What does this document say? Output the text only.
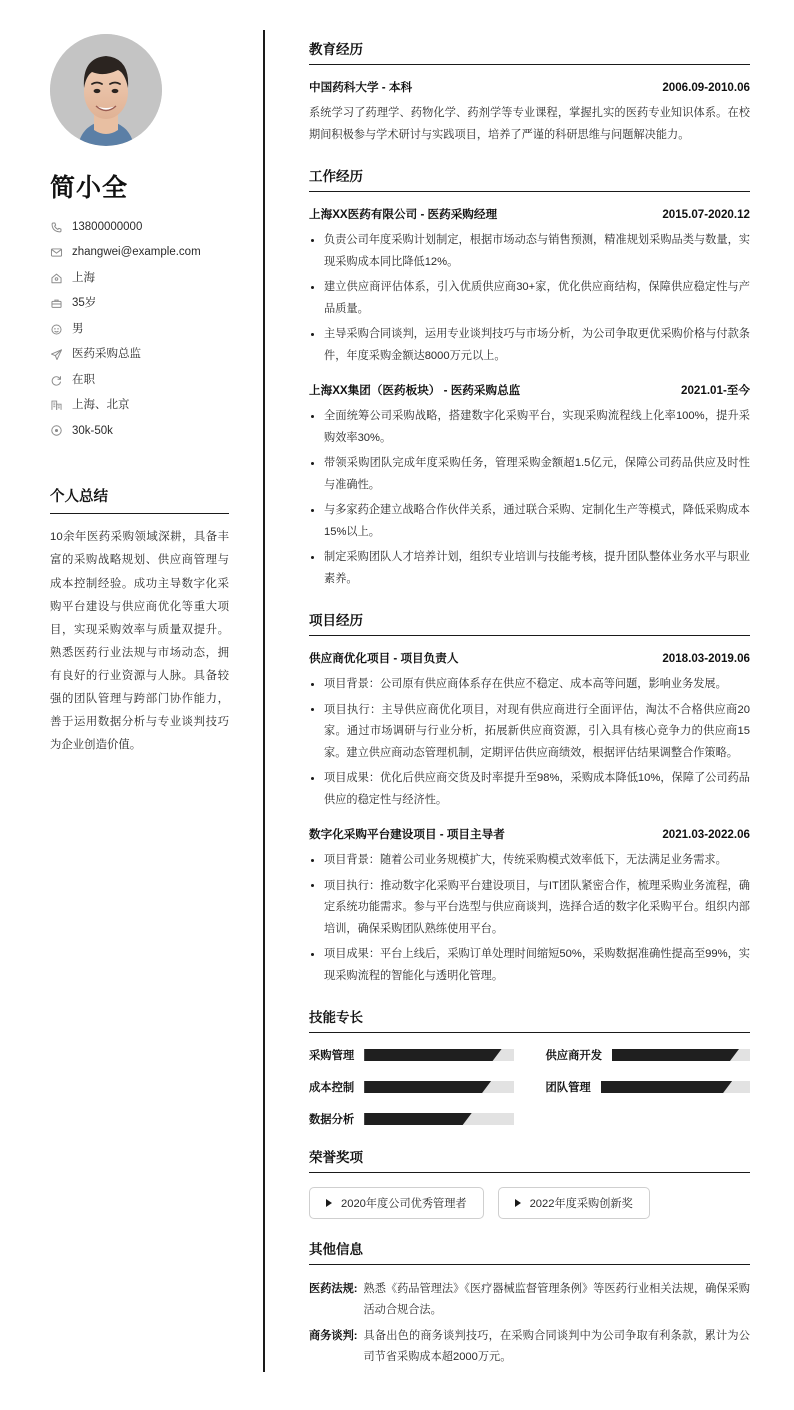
简小全
13800000000
zhangwei@example.com
上海
35岁
男
医药采购总监
在职
上海、北京
30k-50k
个人总结

10余年医药采购领域深耕，具备丰富的采购战略规划、供应商管理与成本控制经验。成功主导数字化采购平台建设与供应商优化等重大项目，实现采购效率与质量双提升。熟悉医药行业法规与市场动态，拥有良好的行业资源与人脉。具备较强的团队管理与跨部门协作能力，善于运用数据分析与专业谈判技巧为企业创造价值。

教育经历
中国药科大学 - 本科	2006.09-2010.06

系统学习了药理学、药物化学、药剂学等专业课程，掌握扎实的医药专业知识体系。在校期间积极参与学术研讨与实践项目，培养了严谨的科研思维与问题解决能力。

工作经历
上海XX医药有限公司 - 医药采购经理	2015.07-2020.12
负责公司年度采购计划制定，根据市场动态与销售预测，精准规划采购品类与数量，实现采购成本同比降低12%。
建立供应商评估体系，引入优质供应商30+家，优化供应商结构，保障供应稳定性与产品质量。
主导采购合同谈判，运用专业谈判技巧与市场分析，为公司争取更优采购价格与付款条件，年度采购金额达8000万元以上。
上海XX集团（医药板块） - 医药采购总监	2021.01-至今
全面统筹公司采购战略，搭建数字化采购平台，实现采购流程线上化率100%，提升采购效率30%。
带领采购团队完成年度采购任务，管理采购金额超1.5亿元，保障公司药品供应及时性与准确性。
与多家药企建立战略合作伙伴关系，通过联合采购、定制化生产等模式，降低采购成本15%以上。
制定采购团队人才培养计划，组织专业培训与技能考核，提升团队整体业务水平与职业素养。
项目经历
供应商优化项目 - 项目负责人	2018.03-2019.06
项目背景：公司原有供应商体系存在供应不稳定、成本高等问题，影响业务发展。
项目执行：主导供应商优化项目，对现有供应商进行全面评估，淘汰不合格供应商20家。通过市场调研与行业分析，拓展新供应商资源，引入具有核心竞争力的供应商15家。建立供应商动态管理机制，定期评估供应商绩效，根据评估结果调整合作策略。
项目成果：优化后供应商交货及时率提升至98%，采购成本降低10%，保障了公司药品供应的稳定性与经济性。
数字化采购平台建设项目 - 项目主导者	2021.03-2022.06
项目背景：随着公司业务规模扩大，传统采购模式效率低下，无法满足业务需求。
项目执行：推动数字化采购平台建设项目，与IT团队紧密合作，梳理采购业务流程，确定系统功能需求。参与平台选型与供应商谈判，选择合适的数字化采购平台。组织内部培训，确保采购团队熟练使用平台。
项目成果：平台上线后，采购订单处理时间缩短50%，采购数据准确性提高至99%，实现采购流程的智能化与透明化管理。
技能专长
采购管理	供应商开发
成本控制	团队管理
数据分析
荣誉奖项
2020年度公司优秀管理者	2022年度采购创新奖
其他信息
医药法规: 熟悉《药品管理法》《医疗器械监督管理条例》等医药行业相关法规，确保采购活动合规合法。
商务谈判: 具备出色的商务谈判技巧，在采购合同谈判中为公司争取有利条款，累计为公司节省采购成本超2000万元。
